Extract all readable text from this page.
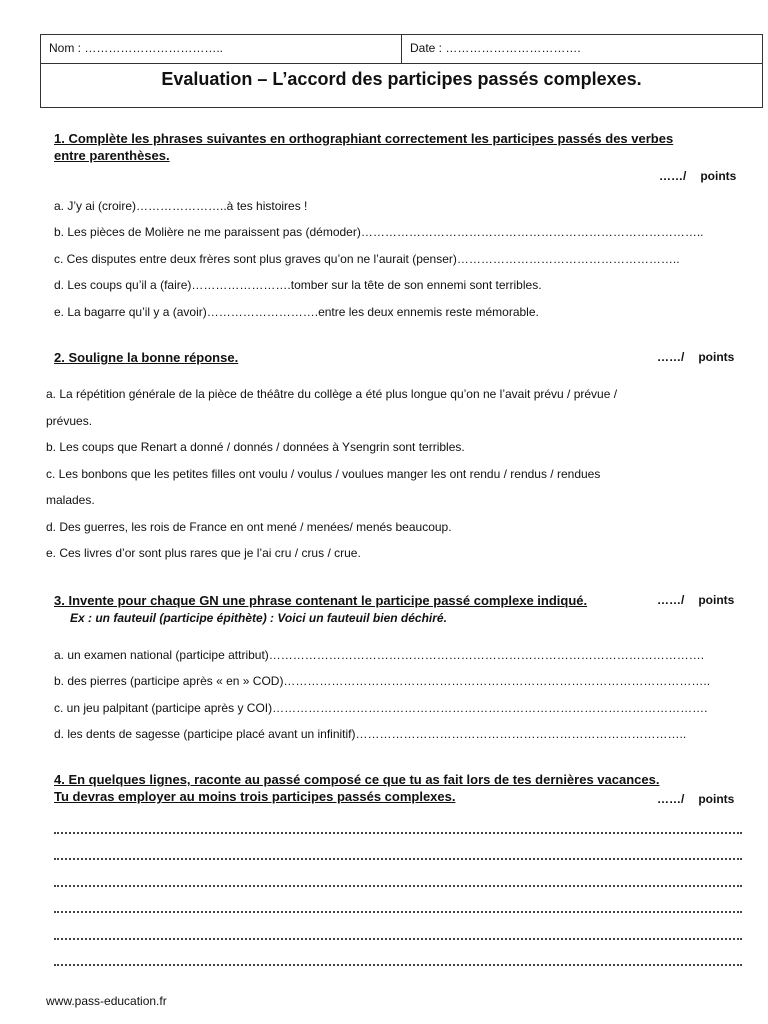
Nom : ……………………………..	Date : …………………………….
Evaluation – L’accord des participes passés complexes.
1. Complète les phrases suivantes en orthographiant correctement les participes passés des verbes
entre parenthèses.
……/ points
a. J’y ai (croire)…………………..à tes histoires !
b. Les pièces de Molière ne me paraissent pas (démoder)…………………………………………………………………………..
c. Ces disputes entre deux frères sont plus graves qu’on ne l’aurait (penser)………………………………………………..
d. Les coups qu’il a (faire)…………………….tomber sur la tête de son ennemi sont terribles.
e. La bagarre qu’il y a (avoir)……………………….entre les deux ennemis reste mémorable.
2. Souligne la bonne réponse.	……/ points
a. La répétition générale de la pièce de théâtre du collège a été plus longue qu’on ne l’avait prévu / prévue /
prévues.
b. Les coups que Renart a donné / donnés / données à Ysengrin sont terribles.
c. Les bonbons que les petites filles ont voulu / voulus / voulues manger les ont rendu / rendus / rendues
malades.
d. Des guerres, les rois de France en ont mené / menées/ menés beaucoup.
e. Ces livres d’or sont plus rares que je l’ai cru / crus / crue.
3. Invente pour chaque GN une phrase contenant le participe passé complexe indiqué.	……/ points
Ex : un fauteuil (participe épithète) : Voici un fauteuil bien déchiré.
a. un examen national (participe attribut)……………………………………………………………………………………………….
b. des pierres (participe après « en » COD)……………………………………………………………………………………………..
c. un jeu palpitant (participe après y COI)……………………………………………………………………………………………….
d. les dents de sagesse (participe placé avant un infinitif)………………………………………………………………………..
4. En quelques lignes, raconte au passé composé ce que tu as fait lors de tes dernières vacances.
Tu devras employer au moins trois participes passés complexes.	……/ points
www.pass-education.fr
